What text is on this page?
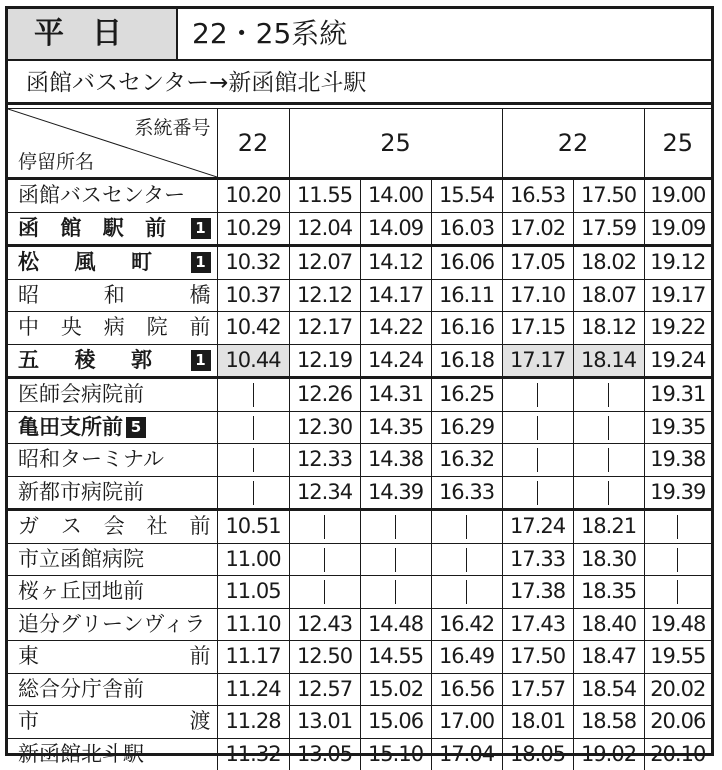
平日	22・25系統
函館バスセンター→新函館北斗駅
系統番号
停留所名	22	25			22		25
函館バスセンター	10.20	11.55	14.00	15.54	16.53	17.50	19.00
函館駅前 1	10.29	12.04	14.09	16.03	17.02	17.59	19.09
松風町 1	10.32	12.07	14.12	16.06	17.05	18.02	19.12
昭和橋	10.37	12.12	14.17	16.11	17.10	18.07	19.17
中央病院前	10.42	12.17	14.22	16.16	17.15	18.12	19.22
五稜郭 1	10.44	12.19	14.24	16.18	17.17	18.14	19.24
医師会病院前		12.26	14.31	16.25			19.31
亀田支所前 5		12.30	14.35	16.29			19.35
昭和ターミナル		12.33	14.38	16.32			19.38
新都市病院前		12.34	14.39	16.33			19.39
ガス会社前	10.51				17.24	18.21	
市立函館病院	11.00				17.33	18.30	
桜ヶ丘団地前	11.05				17.38	18.35	
追分グリーンヴィラ	11.10	12.43	14.48	16.42	17.43	18.40	19.48
東前	11.17	12.50	14.55	16.49	17.50	18.47	19.55
総合分庁舎前	11.24	12.57	15.02	16.56	17.57	18.54	20.02
市渡	11.28	13.01	15.06	17.00	18.01	18.58	20.06
新函館北斗駅	11.32	13.05	15.10	17.04	18.05	19.02	20.10
